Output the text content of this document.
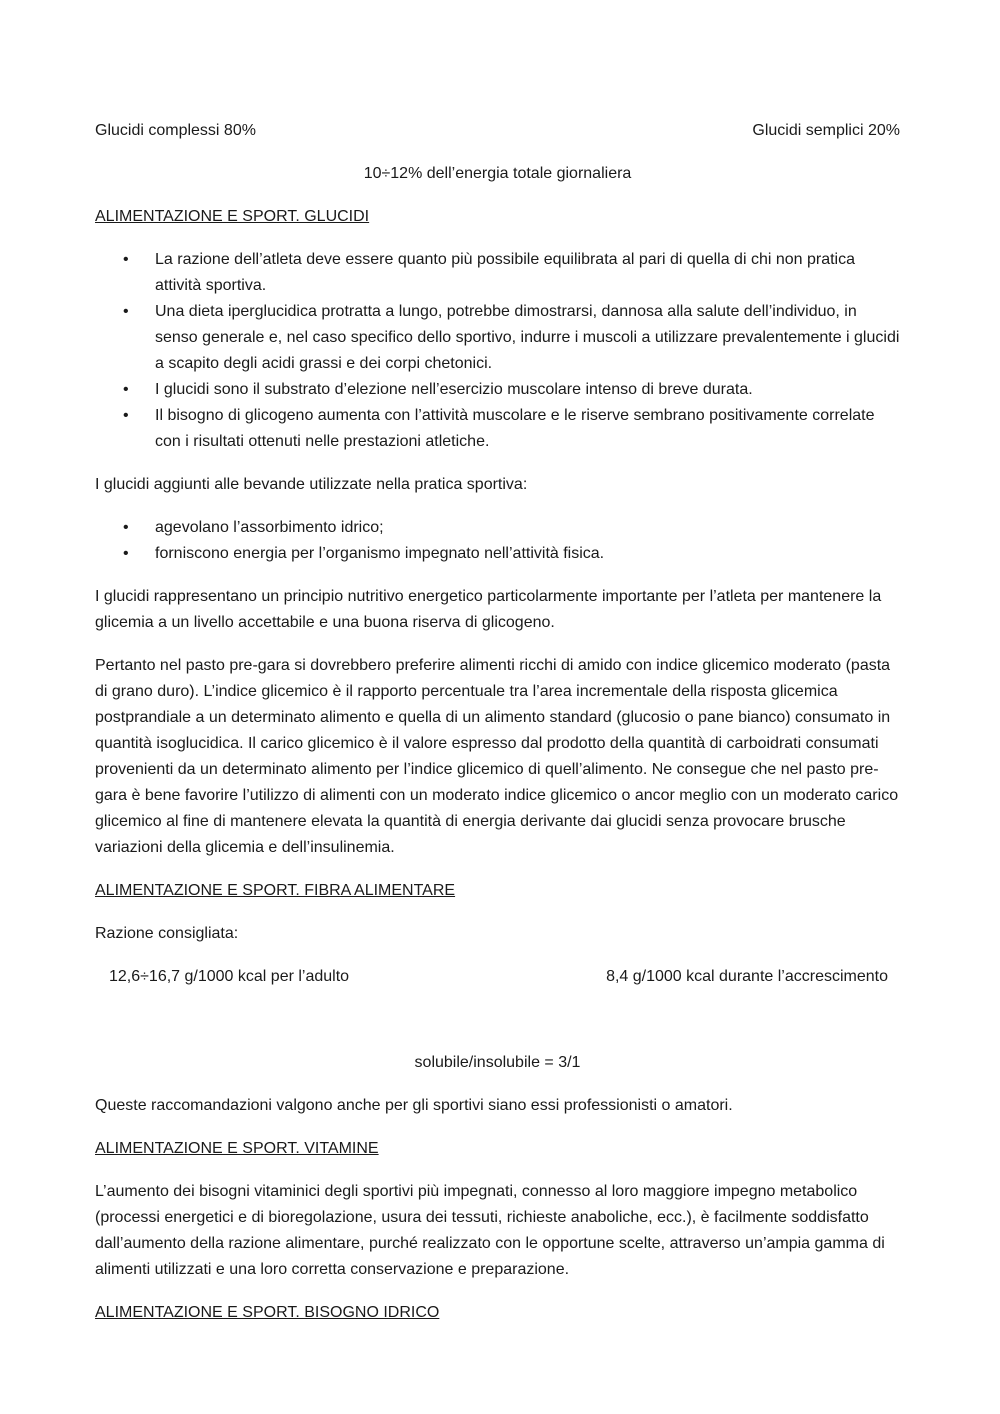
Glucidi complessi 80%	Glucidi semplici 20%

10÷12% dell’energia totale giornaliera

ALIMENTAZIONE E SPORT. GLUCIDI

• La razione dell’atleta deve essere quanto più possibile equilibrata al pari di quella di chi non pratica attività sportiva.
• Una dieta iperglucidica protratta a lungo, potrebbe dimostrarsi, dannosa alla salute dell’individuo, in senso generale e, nel caso specifico dello sportivo, indurre i muscoli a utilizzare prevalentemente i glucidi a scapito degli acidi grassi e dei corpi chetonici.
• I glucidi sono il substrato d’elezione nell’esercizio muscolare intenso di breve durata.
• Il bisogno di glicogeno aumenta con l’attività muscolare e le riserve sembrano positivamente correlate con i risultati ottenuti nelle prestazioni atletiche.

I glucidi aggiunti alle bevande utilizzate nella pratica sportiva:

• agevolano l’assorbimento idrico;
• forniscono energia per l’organismo impegnato nell’attività fisica.

I glucidi rappresentano un principio nutritivo energetico particolarmente importante per l’atleta per mantenere la glicemia a un livello accettabile e una buona riserva di glicogeno.

Pertanto nel pasto pre-gara si dovrebbero preferire alimenti ricchi di amido con indice glicemico moderato (pasta di grano duro). L’indice glicemico è il rapporto percentuale tra l’area incrementale della risposta glicemica postprandiale a un determinato alimento e quella di un alimento standard (glucosio o pane bianco) consumato in quantità isoglucidica. Il carico glicemico è il valore espresso dal prodotto della quantità di carboidrati consumati provenienti da un determinato alimento per l’indice glicemico di quell’alimento. Ne consegue che nel pasto pre-gara è bene favorire l’utilizzo di alimenti con un moderato indice glicemico o ancor meglio con un moderato carico glicemico al fine di mantenere elevata la quantità di energia derivante dai glucidi senza provocare brusche variazioni della glicemia e dell’insulinemia.

ALIMENTAZIONE E SPORT. FIBRA ALIMENTARE

Razione consigliata:

12,6÷16,7 g/1000 kcal per l’adulto	8,4 g/1000 kcal durante l’accrescimento

solubile/insolubile = 3/1

Queste raccomandazioni valgono anche per gli sportivi siano essi professionisti o amatori.

ALIMENTAZIONE E SPORT. VITAMINE

L’aumento dei bisogni vitaminici degli sportivi più impegnati, connesso al loro maggiore impegno metabolico (processi energetici e di bioregolazione, usura dei tessuti, richieste anaboliche, ecc.), è facilmente soddisfatto dall’aumento della razione alimentare, purché realizzato con le opportune scelte, attraverso un’ampia gamma di alimenti utilizzati e una loro corretta conservazione e preparazione.

ALIMENTAZIONE E SPORT. BISOGNO IDRICO
